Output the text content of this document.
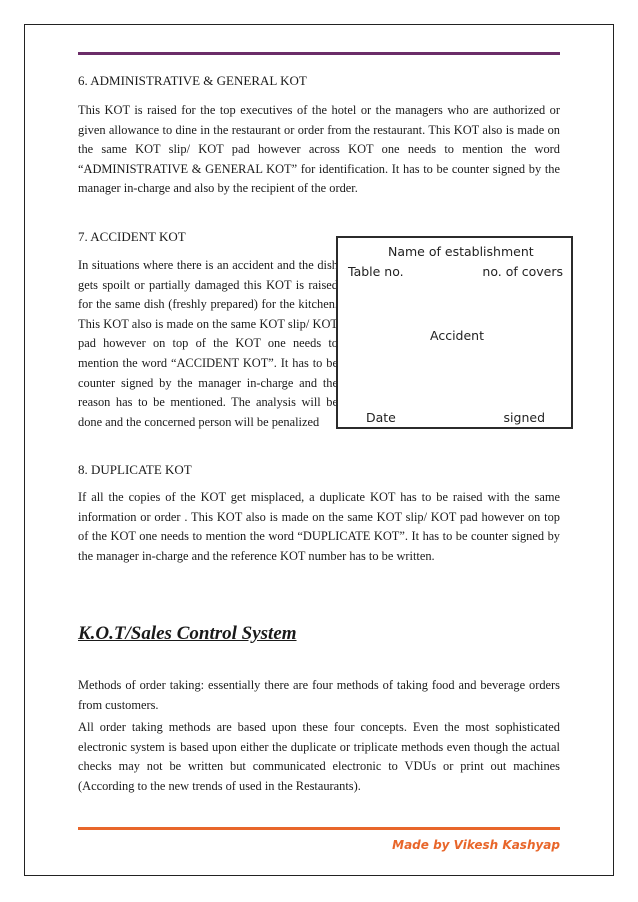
6. ADMINISTRATIVE & GENERAL KOT

This KOT is raised for the top executives of the hotel or the managers who are authorized or given allowance to dine in the restaurant or order from the restaurant. This KOT also is made on the same KOT slip/ KOT pad however across KOT one needs to mention the word “ADMINISTRATIVE & GENERAL KOT” for identification. It has to be counter signed by the manager in-charge and also by the recipient of the order.

7. ACCIDENT KOT

In situations where there is an accident and the dish gets spoilt or partially damaged this KOT is raised for the same dish (freshly prepared) for the kitchen. This KOT also is made on the same KOT slip/ KOT pad however on top of the KOT one needs to mention the word “ACCIDENT KOT”. It has to be counter signed by the manager in-charge and the reason has to be mentioned. The analysis will be done and the concerned person will be penalized

8. DUPLICATE KOT

If all the copies of the KOT get misplaced, a duplicate KOT has to be raised with the same information or order . This KOT also is made on the same KOT slip/ KOT pad however on top of the KOT one needs to mention the word “DUPLICATE KOT”. It has to be counter signed by the manager in-charge and the reference KOT number has to be written.

Methods of order taking: essentially there are four methods of taking food and beverage orders from customers.

All order taking methods are based upon these four concepts. Even the most sophisticated electronic system is based upon either the duplicate or triplicate methods even though the actual checks may not be written but communicated electronic to VDUs or print out machines (According to the new trends of used in the Restaurants).

Name of establishment
Table no.	no. of covers
Accident
Date	signed
K.O.T/Sales Control System
Made by Vikesh Kashyap
